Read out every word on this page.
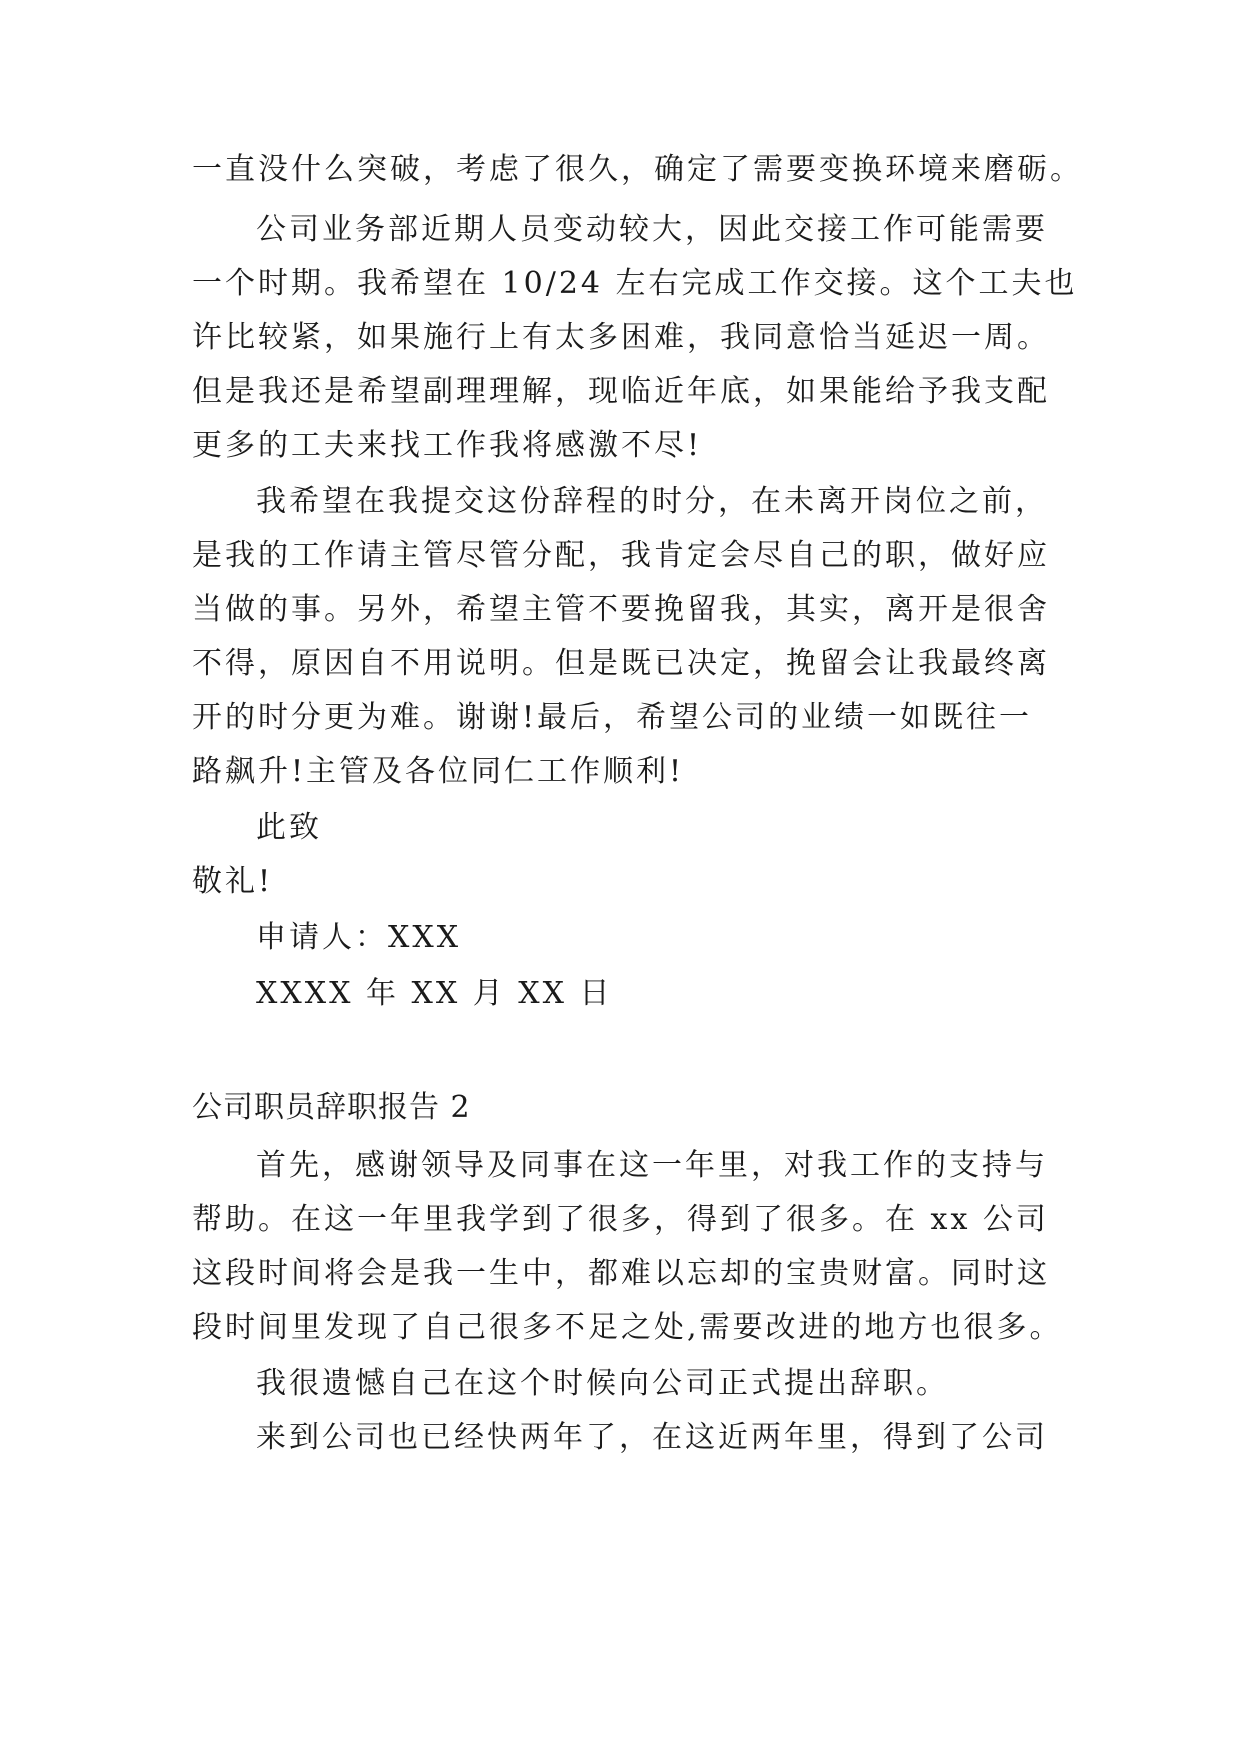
一直没什么突破，考虑了很久，确定了需要变换环境来磨砺。
公司业务部近期人员变动较大，因此交接工作可能需要
一个时期。我希望在 10/24 左右完成工作交接。这个工夫也
许比较紧，如果施行上有太多困难，我同意恰当延迟一周。
但是我还是希望副理理解，现临近年底，如果能给予我支配
更多的工夫来找工作我将感激不尽!
我希望在我提交这份辞程的时分，在未离开岗位之前，
是我的工作请主管尽管分配，我肯定会尽自己的职，做好应
当做的事。另外，希望主管不要挽留我，其实，离开是很舍
不得，原因自不用说明。但是既已决定，挽留会让我最终离
开的时分更为难。谢谢!最后，希望公司的业绩一如既往一
路飙升!主管及各位同仁工作顺利!
此致
敬礼!
申请人：XXX
XXXX 年 XX 月 XX 日
公司职员辞职报告 2
首先，感谢领导及同事在这一年里，对我工作的支持与
帮助。在这一年里我学到了很多，得到了很多。在 xx 公司
这段时间将会是我一生中，都难以忘却的宝贵财富。同时这
段时间里发现了自己很多不足之处,需要改进的地方也很多。
我很遗憾自己在这个时候向公司正式提出辞职。
来到公司也已经快两年了，在这近两年里，得到了公司
